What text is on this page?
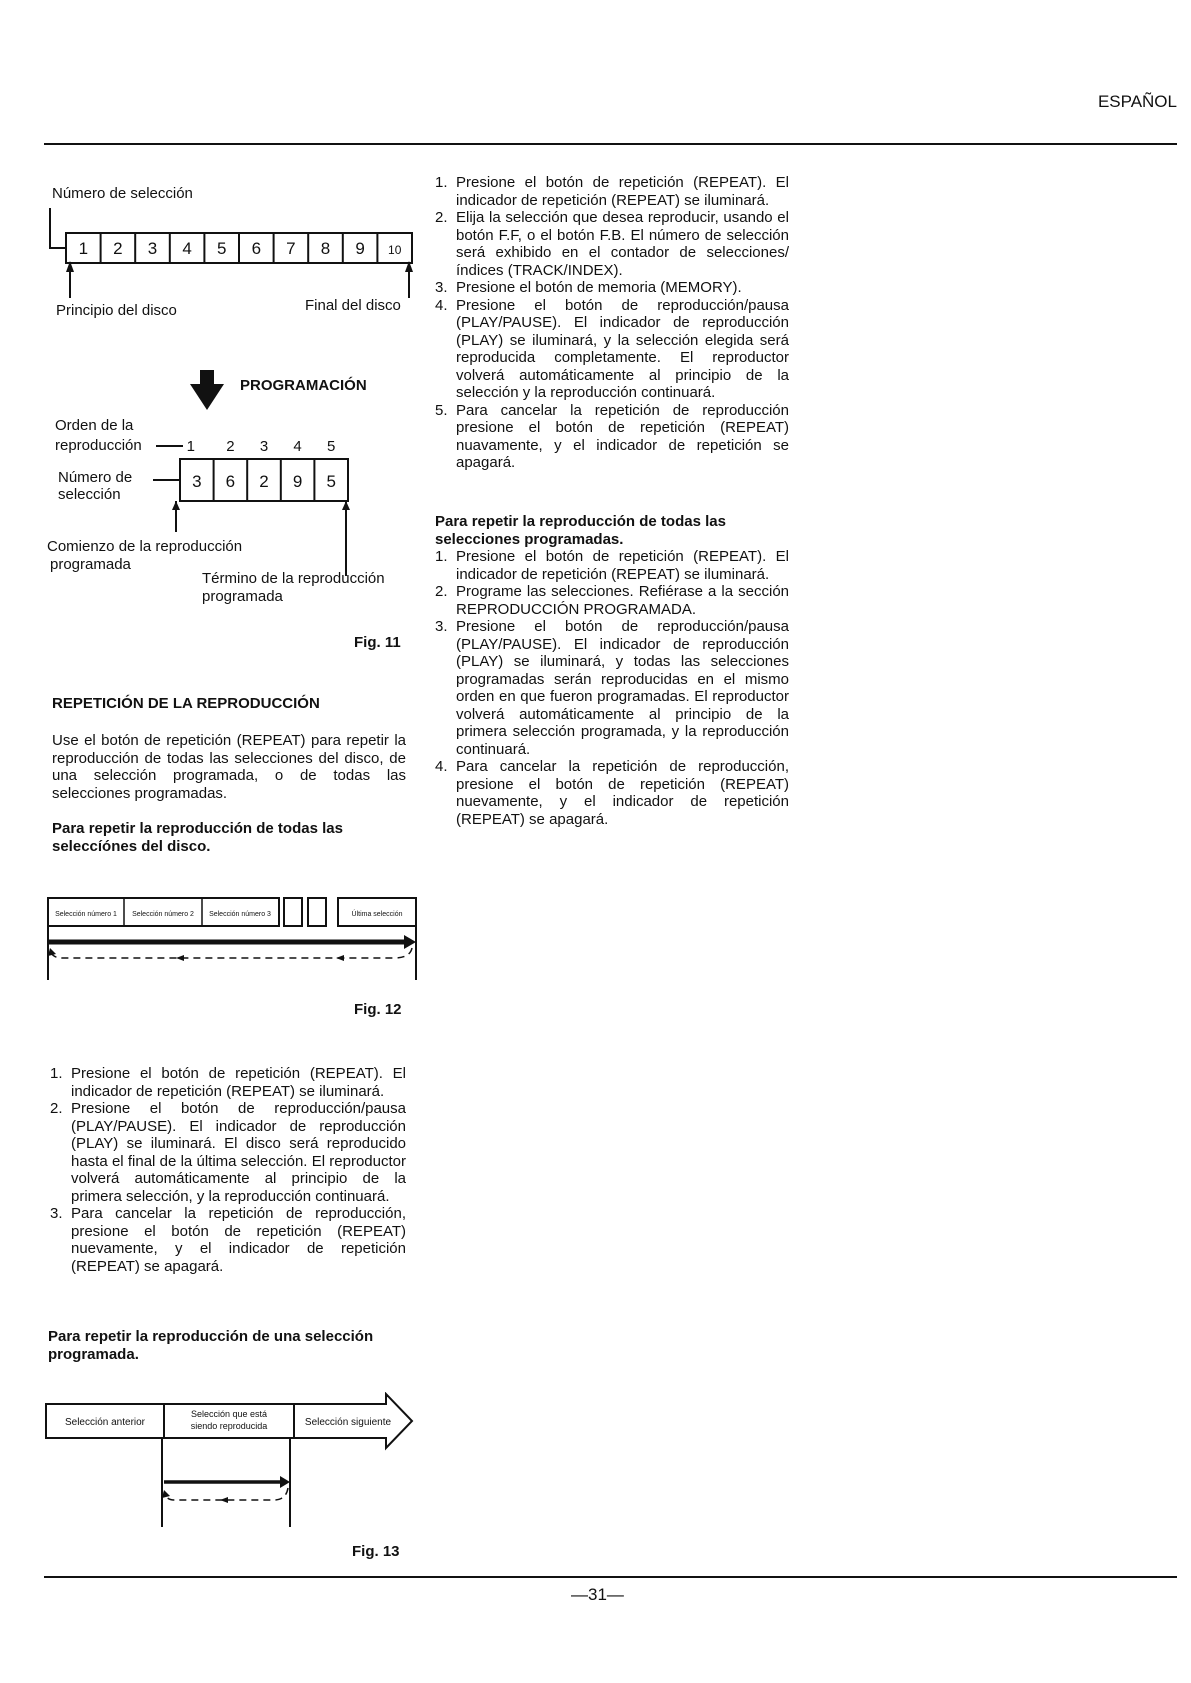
ESPAÑOL
Número de selección
1 2 3 4 5 6 7 8 9 10
Principio del disco	Final del disco
PROGRAMACIÓN
Orden de la
reproducción	1 2 3 4 5
3 6 2 9 5
Número de
selección
Comienzo de la reproducción
programada
Término de la reproducción
programada
Fig. 11
REPETICIÓN DE LA REPRODUCCIÓN
Use el botón de repetición (REPEAT) para repetir la reproducción de todas las selecciones del disco, de una selección programada, o de todas las selecciones programadas.
Para repetir la reproducción de todas las seleccíónes del disco.
Selección número 1 Selección número 2 Selección número 3	Última selección
Fig. 12
1. Presione el botón de repetición (REPEAT). El indicador de repetición (REPEAT) se iluminará.
2. Presione el botón de reproducción/pausa (PLAY/PAUSE). El indicador de reproducción (PLAY) se iluminará. El disco será reproducido hasta el final de la última selección. El reproductor volverá automáticamente al principio de la primera selección, y la reproducción continuará.
3. Para cancelar la repetición de reproducción, presione el botón de repetición (REPEAT) nuevamente, y el indicador de repetición (REPEAT) se apagará.
Para repetir la reproducción de una selección programada.
Selección anterior
Selección que está
siendo reproducida	Selección siguiente
Fig. 13
1. Presione el botón de repetición (REPEAT). El indicador de repetición (REPEAT) se iluminará.
2. Elija la selección que desea reproducir, usando el botón F.F, o el botón F.B. El número de selección será exhibido en el contador de selecciones/índices (TRACK/INDEX).
3. Presione el botón de memoria (MEMORY).
4. Presione el botón de reproducción/pausa (PLAY/PAUSE). El indicador de reproducción (PLAY) se iluminará, y la selección elegida será reproducida completamente. El reproductor volverá automáticamente al principio de la selección y la reproducción continuará.
5. Para cancelar la repetición de reproducción presione el botón de repetición (REPEAT) nuavamente, y el indicador de repetición se apagará.
Para repetir la reproducción de todas las selecciones programadas.
1. Presione el botón de repetición (REPEAT). El indicador de repetición (REPEAT) se iluminará.
2. Programe las selecciones. Refiérase a la sección REPRODUCCIÓN PROGRAMADA.
3. Presione el botón de reproducción/pausa (PLAY/PAUSE). El indicador de reproducción (PLAY) se iluminará, y todas las selecciones programadas serán reproducidas en el mismo orden en que fueron programadas. El reproductor volverá automáticamente al principio de la primera selección programada, y la reproducción continuará.
4. Para cancelar la repetición de reproducción, presione el botón de repetición (REPEAT) nuevamente, y el indicador de repetición (REPEAT) se apagará.
—31—
